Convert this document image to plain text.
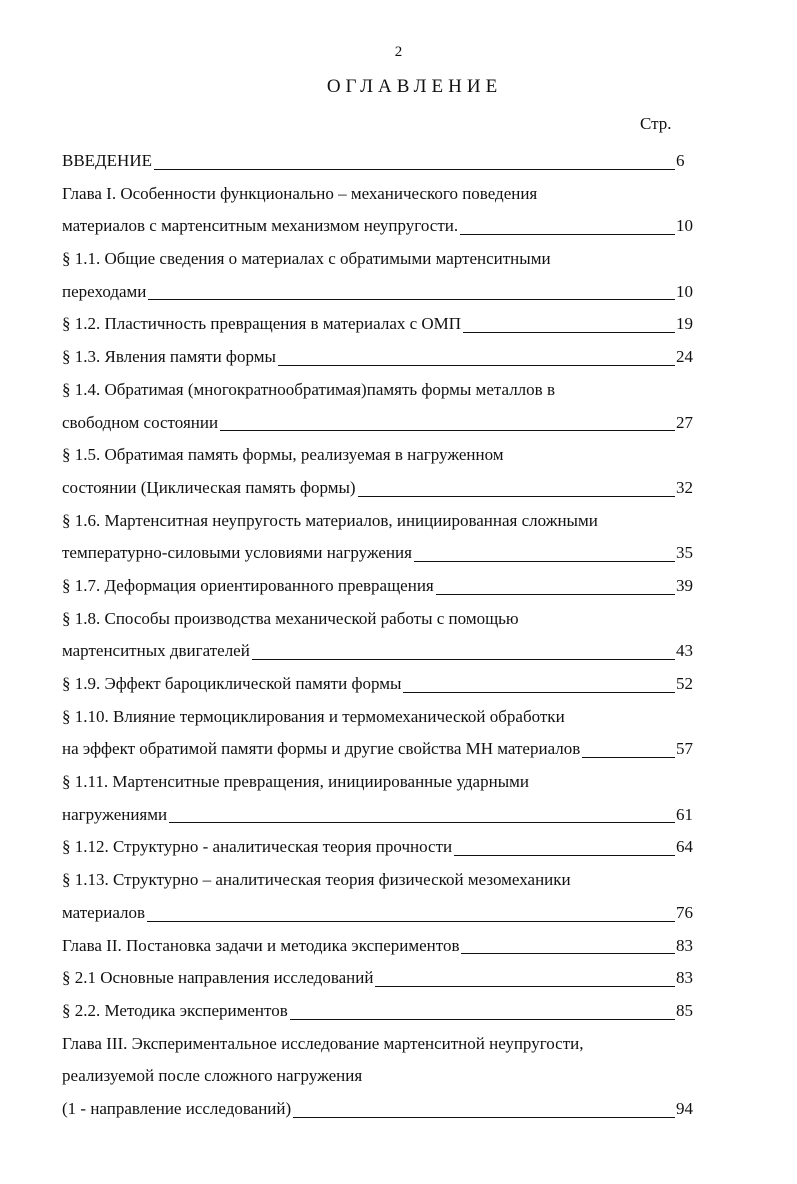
2
ОГЛАВЛЕНИЕ
Стр.
ВВЕДЕНИЕ	6
Глава I. Особенности функционально – механического поведения
материалов с мартенситным механизмом неупругости.	10
§ 1.1. Общие сведения о материалах с обратимыми мартенситными
переходами	10
§ 1.2. Пластичность превращения в материалах с ОМП	19
§ 1.3. Явления памяти формы	24
§ 1.4. Обратимая (многократнообратимая)память формы металлов в
свободном состоянии	27
§ 1.5. Обратимая память формы, реализуемая в нагруженном
состоянии (Циклическая память формы)	32
§ 1.6. Мартенситная неупругость материалов, инициированная сложными
температурно-силовыми условиями нагружения	35
§ 1.7. Деформация ориентированного превращения	39
§ 1.8. Способы производства механической работы с помощью
мартенситных двигателей	43
§ 1.9. Эффект бароциклической памяти формы	52
§ 1.10. Влияние термоциклирования и термомеханической обработки
на эффект обратимой памяти формы и другие свойства МН материалов	57
§ 1.11. Мартенситные превращения, инициированные ударными
нагружениями	61
§ 1.12. Структурно - аналитическая теория прочности	64
§ 1.13. Структурно – аналитическая теория физической мезомеханики
материалов	76
Глава II. Постановка задачи и методика экспериментов	83
§ 2.1 Основные направления исследований	83
§ 2.2. Методика экспериментов	85
Глава III. Экспериментальное исследование мартенситной неупругости,
реализуемой после сложного нагружения
(1 - направление исследований)	94
